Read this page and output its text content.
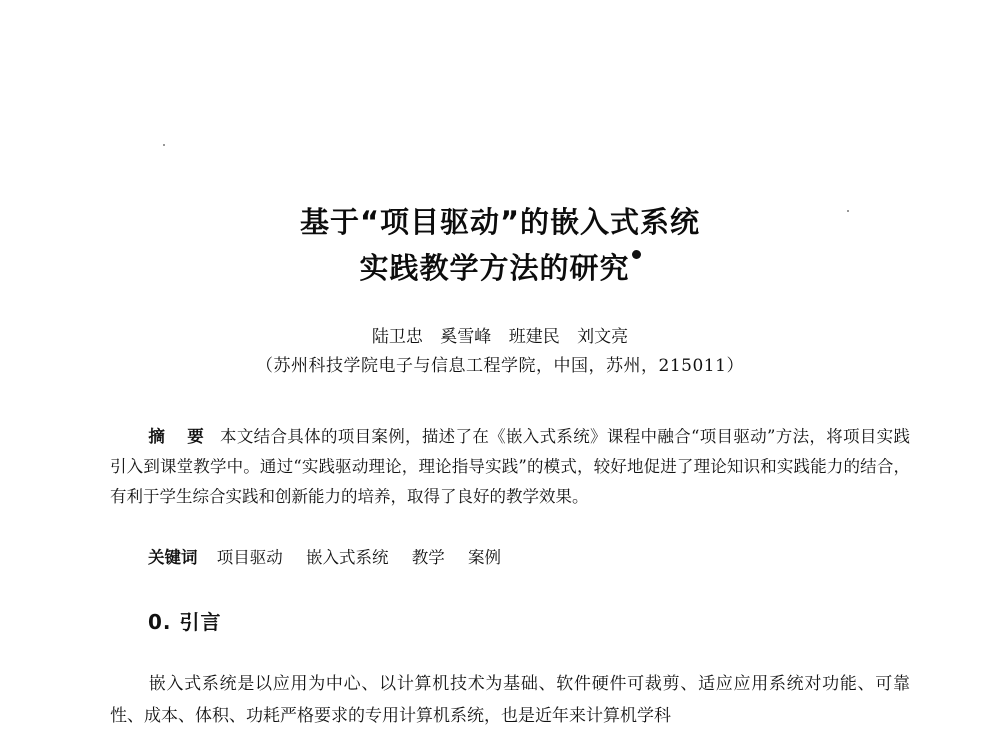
基于“项目驱动”的嵌入式系统
实践教学方法的研究
陆卫忠 奚雪峰 班建民 刘文亮
（苏州科技学院电子与信息工程学院，中国，苏州，215011）
摘 要 本文结合具体的项目案例，描述了在《嵌入式系统》课程中融合“项目驱动”方法，将项目实践引入到课堂教学中。通过“实践驱动理论，理论指导实践”的模式，较好地促进了理论知识和实践能力的结合，有利于学生综合实践和创新能力的培养，取得了良好的教学效果。
关键词 项目驱动 嵌入式系统 教学 案例
0. 引言
嵌入式系统是以应用为中心、以计算机技术为基础、软件硬件可裁剪、适应应用系统对功能、可靠性、成本、体积、功耗严格要求的专用计算机系统，也是近年来计算机学科
